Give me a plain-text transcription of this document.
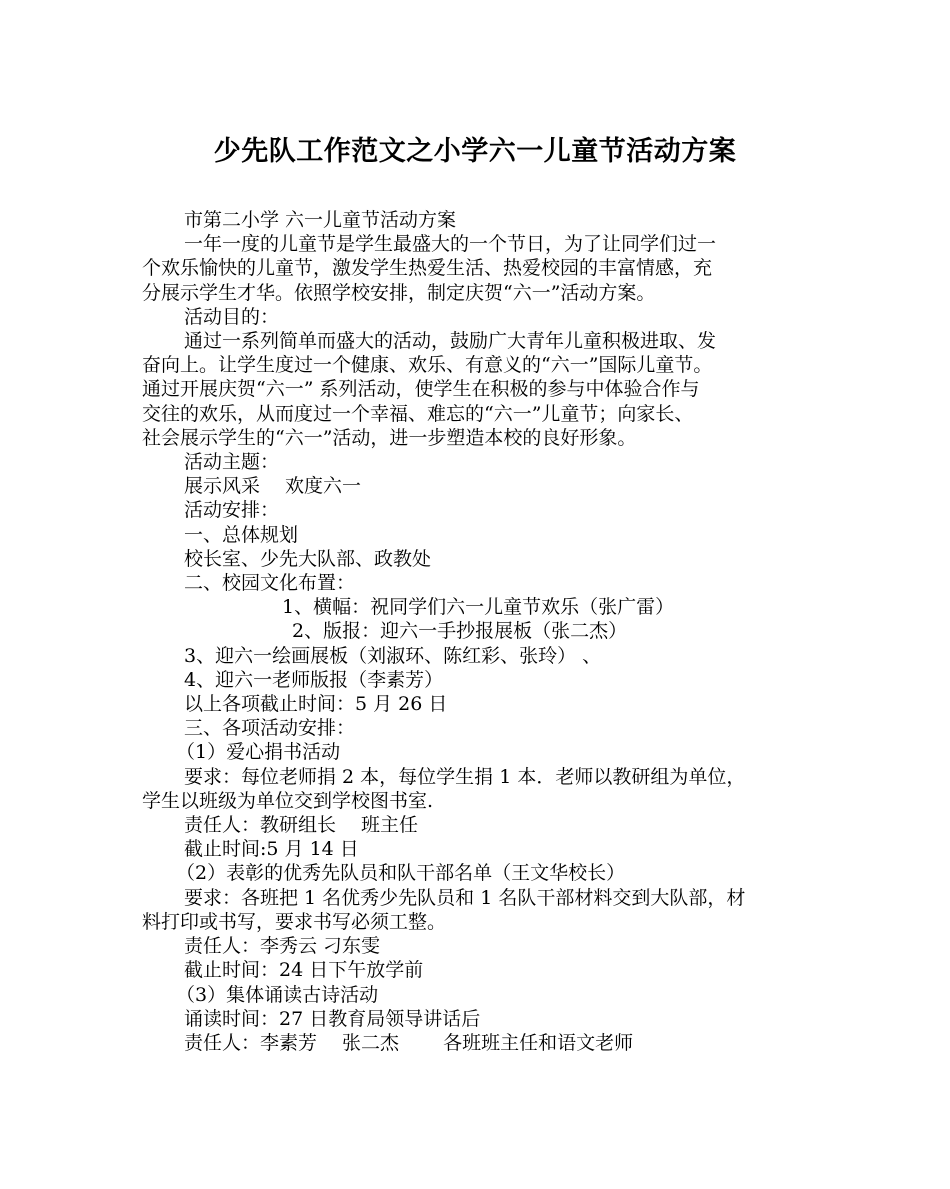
少先队工作范文之小学六一儿童节活动方案
市第二小学 六一儿童节活动方案
一年一度的儿童节是学生最盛大的一个节日，为了让同学们过一
个欢乐愉快的儿童节，激发学生热爱生活、热爱校园的丰富情感，充
分展示学生才华。依照学校安排，制定庆贺“六一”活动方案。
活动目的：
通过一系列简单而盛大的活动，鼓励广大青年儿童积极进取、发
奋向上。让学生度过一个健康、欢乐、有意义的“六一”国际儿童节。
通过开展庆贺“六一” 系列活动，使学生在积极的参与中体验合作与
交往的欢乐，从而度过一个幸福、难忘的“六一”儿童节；向家长、
社会展示学生的“六一”活动，进一步塑造本校的良好形象。
活动主题：
展示风采　 欢度六一
活动安排：
一、总体规划
校长室、少先大队部、政教处
二、校园文化布置：
1、横幅：祝同学们六一儿童节欢乐（张广雷）
2、版报：迎六一手抄报展板（张二杰）
3、迎六一绘画展板（刘淑环、陈红彩、张玲） 、
4、迎六一老师版报（李素芳）
以上各项截止时间：5 月 26 日
三、各项活动安排：
（1）爱心捐书活动
要求：每位老师捐 2 本，每位学生捐 1 本．老师以教研组为单位，
学生以班级为单位交到学校图书室.
责任人：教研组长　 班主任
截止时间:5 月 14 日
（2）表彰的优秀先队员和队干部名单（王文华校长）
要求：各班把 1 名优秀少先队员和 1 名队干部材料交到大队部，材
料打印或书写，要求书写必须工整。
责任人：李秀云 刁东雯
截止时间：24 日下午放学前
（3）集体诵读古诗活动
诵读时间：27 日教育局领导讲话后
责任人：李素芳　 张二杰　　 各班班主任和语文老师
